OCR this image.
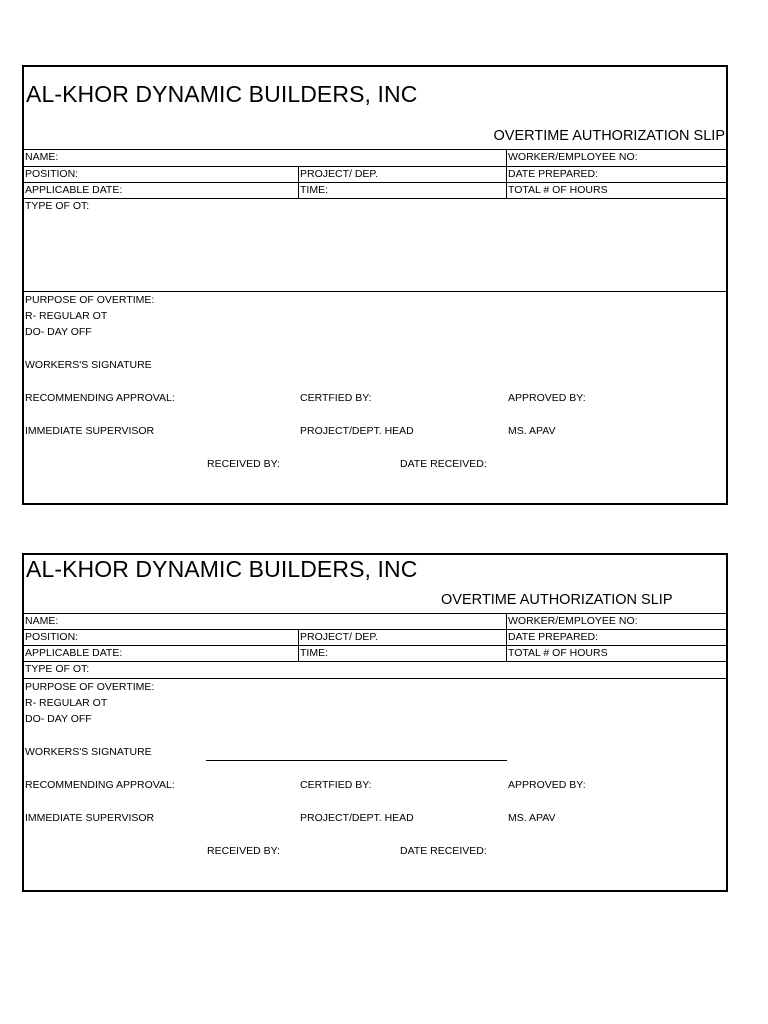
AL-KHOR DYNAMIC BUILDERS, INC
OVERTIME AUTHORIZATION SLIP
NAME:	WORKER/EMPLOYEE NO:
POSITION:	PROJECT/ DEP.	DATE PREPARED:
APPLICABLE DATE:	TIME:	TOTAL # OF HOURS
TYPE OF OT:
PURPOSE OF OVERTIME:
R- REGULAR OT
DO- DAY OFF
WORKERS'S SIGNATURE
RECOMMENDING APPROVAL:	CERTFIED BY:	APPROVED BY:
IMMEDIATE SUPERVISOR	PROJECT/DEPT. HEAD	MS. APAV
RECEIVED BY:	DATE RECEIVED:
AL-KHOR DYNAMIC BUILDERS, INC
OVERTIME AUTHORIZATION SLIP
NAME:	WORKER/EMPLOYEE NO:
POSITION:	PROJECT/ DEP.	DATE PREPARED:
APPLICABLE DATE:	TIME:	TOTAL # OF HOURS
TYPE OF OT:
PURPOSE OF OVERTIME:
R- REGULAR OT
DO- DAY OFF
WORKERS'S SIGNATURE
RECOMMENDING APPROVAL:	CERTFIED BY:	APPROVED BY:
IMMEDIATE SUPERVISOR	PROJECT/DEPT. HEAD	MS. APAV
RECEIVED BY:	DATE RECEIVED:
